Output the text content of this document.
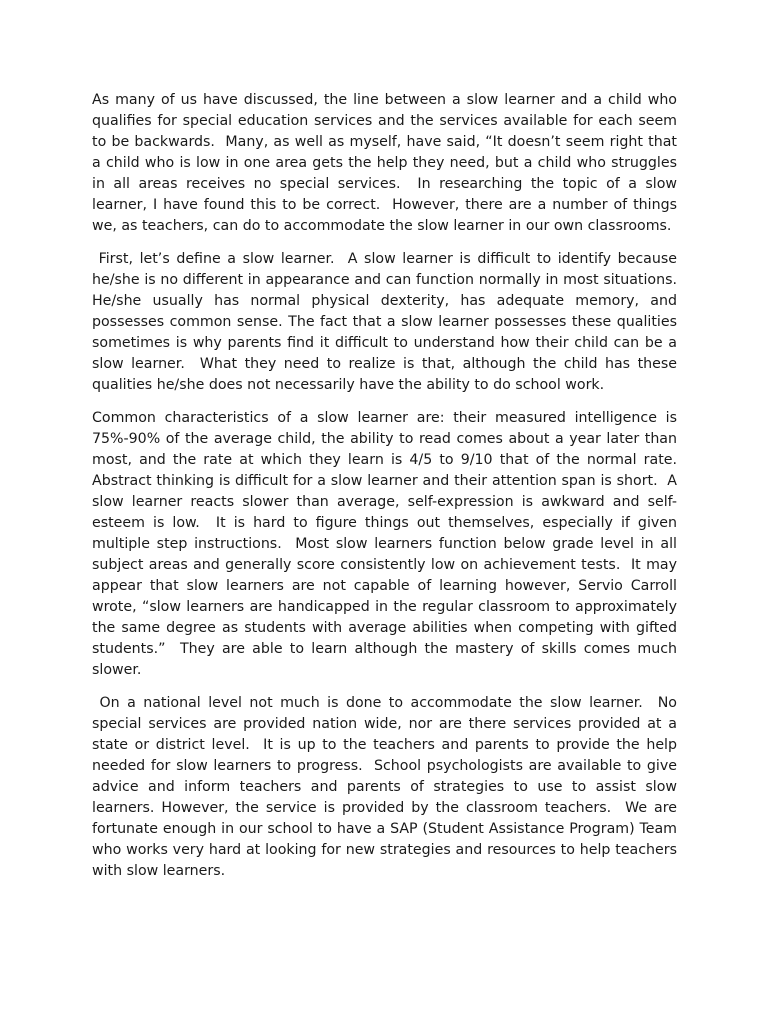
As many of us have discussed, the line between a slow learner and a child who qualifies for special education services and the services available for each seem to be backwards.  Many, as well as myself, have said, “It doesn’t seem right that a child who is low in one area gets the help they need, but a child who struggles in all areas receives no special services.  In researching the topic of a slow learner, I have found this to be correct.  However, there are a number of things we, as teachers, can do to accommodate the slow learner in our own classrooms.

First, let’s define a slow learner.  A slow learner is difficult to identify because he/she is no different in appearance and can function normally in most situations.  He/she usually has normal physical dexterity, has adequate memory, and possesses common sense. The fact that a slow learner possesses these qualities sometimes is why parents find it difficult to understand how their child can be a slow learner.  What they need to realize is that, although the child has these qualities he/she does not necessarily have the ability to do school work.

Common characteristics of a slow learner are: their measured intelligence is 75%-90% of the average child, the ability to read comes about a year later than most, and the rate at which they learn is 4/5 to 9/10 that of the normal rate.  Abstract thinking is difficult for a slow learner and their attention span is short.  A slow learner reacts slower than average, self-expression is awkward and self-esteem is low.  It is hard to figure things out themselves, especially if given multiple step instructions.  Most slow learners function below grade level in all subject areas and generally score consistently low on achievement tests.  It may appear that slow learners are not capable of learning however, Servio Carroll wrote, “slow learners are handicapped in the regular classroom to approximately the same degree as students with average abilities when competing with gifted students.”  They are able to learn although the mastery of skills comes much slower.

On a national level not much is done to accommodate the slow learner.  No special services are provided nation wide, nor are there services provided at a state or district level.  It is up to the teachers and parents to provide the help needed for slow learners to progress.  School psychologists are available to give advice and inform teachers and parents of strategies to use to assist slow learners. However, the service is provided by the classroom teachers.  We are fortunate enough in our school to have a SAP (Student Assistance Program) Team who works very hard at looking for new strategies and resources to help teachers with slow learners.
